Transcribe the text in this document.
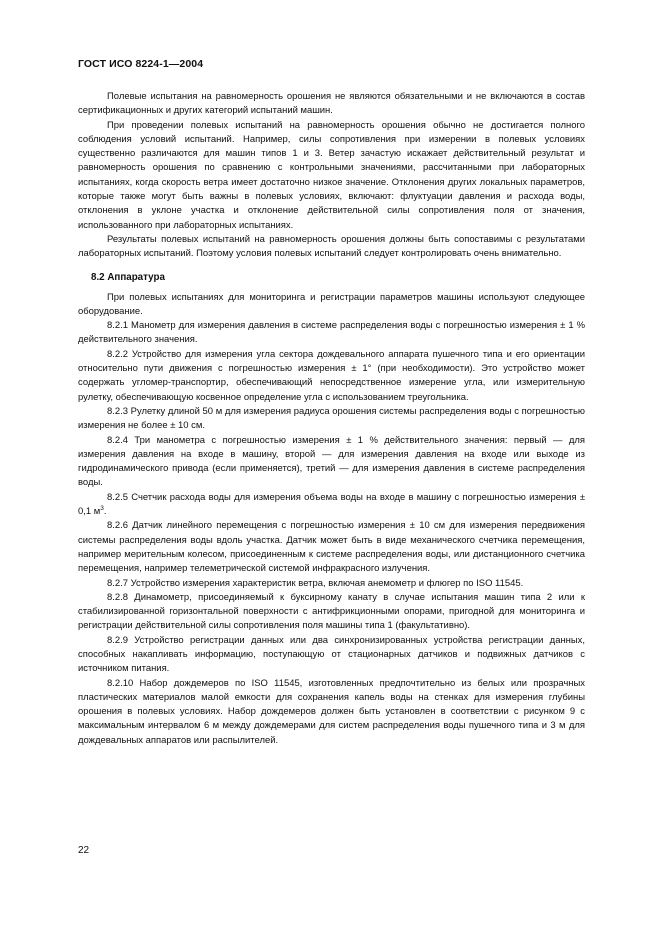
ГОСТ ИСО 8224-1—2004

Полевые испытания на равномерность орошения не являются обязательными и не включаются в состав сертификационных и других категорий испытаний машин.

При проведении полевых испытаний на равномерность орошения обычно не достигается полного соблюдения условий испытаний. Например, силы сопротивления при измерении в полевых условиях существенно различаются для машин типов 1 и 3. Ветер зачастую искажает действительный результат и равномерность орошения по сравнению с контрольными значениями, рассчитанными при лабораторных испытаниях, когда скорость ветра имеет достаточно низкое значение. Отклонения других локальных параметров, которые также могут быть важны в полевых условиях, включают: флуктуации давления и расхода воды, отклонения в уклоне участка и отклонение действительной силы сопротивления поля от значения, использованного при лабораторных испытаниях.

Результаты полевых испытаний на равномерность орошения должны быть сопоставимы с результатами лабораторных испытаний. Поэтому условия полевых испытаний следует контролировать очень внимательно.

8.2 Аппаратура

При полевых испытаниях для мониторинга и регистрации параметров машины используют следующее оборудование.

8.2.1 Манометр для измерения давления в системе распределения воды с погрешностью измерения ± 1 % действительного значения.

8.2.2 Устройство для измерения угла сектора дождевального аппарата пушечного типа и его ориентации относительно пути движения с погрешностью измерения ± 1° (при необходимости). Это устройство может содержать угломер-транспортир, обеспечивающий непосредственное измерение угла, или измерительную рулетку, обеспечивающую косвенное определение угла с использованием треугольника.

8.2.3 Рулетку длиной 50 м для измерения радиуса орошения системы распределения воды с погрешностью измерения не более ± 10 см.

8.2.4 Три манометра с погрешностью измерения ± 1 % действительного значения: первый — для измерения давления на входе в машину, второй — для измерения давления на входе или выходе из гидродинамического привода (если применяется), третий — для измерения давления в системе распределения воды.

8.2.5 Счетчик расхода воды для измерения объема воды на входе в машину с погрешностью измерения ± 0,1 $м^3$.

8.2.6 Датчик линейного перемещения с погрешностью измерения ± 10 см для измерения передвижения системы распределения воды вдоль участка. Датчик может быть в виде механического счетчика перемещения, например мерительным колесом, присоединенным к системе распределения воды, или дистанционного счетчика перемещения, например телеметрической системой инфракрасного излучения.

8.2.7 Устройство измерения характеристик ветра, включая анемометр и флюгер по ISO 11545.

8.2.8 Динамометр, присоединяемый к буксирному канату в случае испытания машин типа 2 или к стабилизированной горизонтальной поверхности с антифрикционными опорами, пригодной для мониторинга и регистрации действительной силы сопротивления поля машины типа 1 (факультативно).

8.2.9 Устройство регистрации данных или два синхронизированных устройства регистрации данных, способных накапливать информацию, поступающую от стационарных датчиков и подвижных датчиков с источником питания.

8.2.10 Набор дождемеров по ISO 11545, изготовленных предпочтительно из белых или прозрачных пластических материалов малой емкости для сохранения капель воды на стенках для измерения глубины орошения в полевых условиях. Набор дождемеров должен быть установлен в соответствии с рисунком 9 с максимальным интервалом 6 м между дождемерами для систем распределения воды пушечного типа и 3 м для дождевальных аппаратов или распылителей.

22
